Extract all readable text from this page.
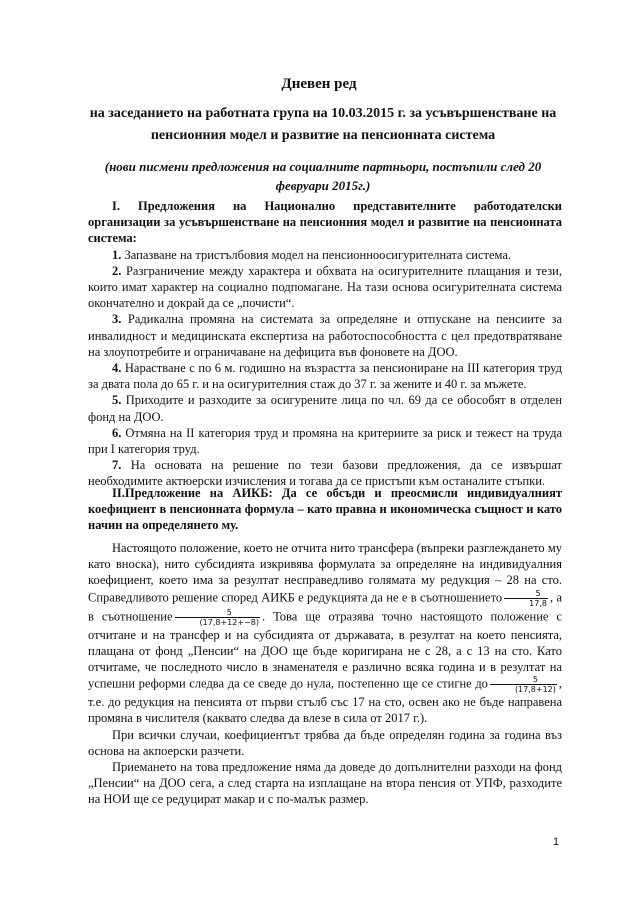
Дневен ред
на заседанието на работната група на 10.03.2015 г. за усъвършенстване на пенсионния модел и развитие на пенсионната система
(нови писмени предложения на социалните партньори, постъпили след 20 февруари 2015г.)

I. Предложения на Национално представителните работодателски организации за усъвършенстване на пенсионния модел и развитие на пенсионната система:

1. Запазване на тристълбовия модел на пенсионноосигурителната система.

2. Разграничение между характера и обхвата на осигурителните плащания и тези, които имат характер на социално подпомагане. На тази основа осигурителната система окончателно и докрай да се „почисти“.

3. Радикална промяна на системата за определяне и отпускане на пенсиите за инвалидност и медицинската експертиза на работоспособността с цел предотвратяване на злоупотребите и ограничаване на дефицита във фоновете на ДОО.

4. Нарастване с по 6 м. годишно на възрастта за пенсиониране на III категория труд за двата пола до 65 г. и на осигурителния стаж до 37 г. за жените и 40 г. за мъжете.

5. Приходите и разходите за осигурените лица по чл. 69 да се обособят в отделен фонд на ДОО.

6. Отмяна на II категория труд и промяна на критериите за риск и тежест на труда при I категория труд.

7. На основата на решение по тези базови предложения, да се извършат необходимите актюерски изчисления и тогава да се пристъпи към останалите стъпки.

II.Предложение на АИКБ: Да се обсъди и преосмисли индивидуалният коефициент в пенсионната формула – като правна и икономическа същност и като начин на определянето му.

Настоящото положение, което не отчита нито трансфера (въпреки разглеждането му като вноска), нито субсидията изкривява формулата за определяне на индивидуалния коефициент, което има за резултат несправедливо голямата му редукция – 28 на сто. Справедливото решение според АИКБ е редукцията да не е в съотношението $\frac{5}{17,8}$ , а в съотношение $\frac{5}{(17,8+12+-8)}$ . Това ще отразява точно настоящото положение с отчитане и на трансфер и на субсидията от държавата, в резултат на което пенсията, плащана от фонд „Пенсии“ на ДОО ще бъде коригирана не с 28, а с 13 на сто. Като отчитаме, че последното число в знаменателя е различно всяка година и в резултат на успешни реформи следва да се сведе до нула, постепенно ще се стигне до $\frac{5}{(17,8+12)}$ , т.е. до редукция на пенсията от първи стълб със 17 на сто, освен ако не бъде направена промяна в числителя (каквато следва да влезе в сила от 2017 г.).

При всички случаи, коефициентът трябва да бъде определян година за година въз основа на акпоерски разчети.

Приемането на това предложение няма да доведе до допълнителни разходи на фонд „Пенсии“ на ДОО сега, а след старта на изплащане на втора пенсия от УПФ, разходите на НОИ ще се редуцират макар и с по-малък размер.

1
